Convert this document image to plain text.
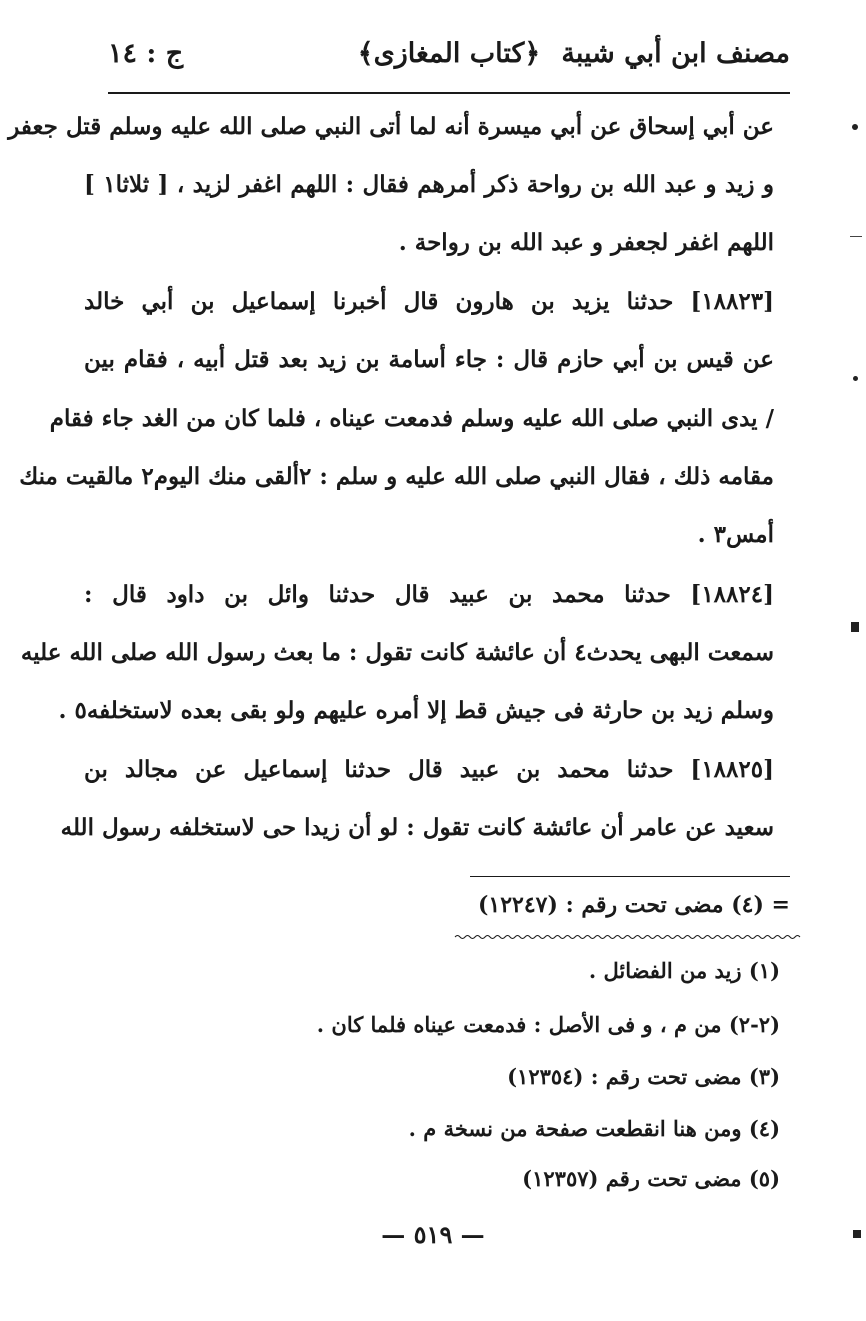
مصنف ابن أبي شيبة
﴿كتاب المغازى﴾
ج : ١٤
عن أبي إسحاق عن أبي ميسرة أنه لما أتى النبي صلى الله عليه وسلم قتل جعفر
و زيد و عبد الله بن رواحة ذكر أمرهم فقال : اللهم اغفر لزيد ، [ ثلاثا١ ]
اللهم اغفر لجعفر و عبد الله بن رواحة .
[١٨٨٢٣] حدثنا يزيد بن هارون قال أخبرنا إسماعيل بن أبي خالد
عن قيس بن أبي حازم قال : جاء أسامة بن زيد بعد قتل أبيه ، فقام بين
/ يدى النبي صلى الله عليه وسلم فدمعت عيناه ، فلما كان من الغد جاء فقام
مقامه ذلك ، فقال النبي صلى الله عليه و سلم : ٢ألقى منك اليوم٢ مالقيت منك
أمس٣ .
[١٨٨٢٤] حدثنا محمد بن عبيد قال حدثنا وائل بن داود قال :
سمعت البهى يحدث٤ أن عائشة كانت تقول : ما بعث رسول الله صلى الله عليه
وسلم زيد بن حارثة فى جيش قط إلا أمره عليهم ولو بقى بعده لاستخلفه٥ .
[١٨٨٢٥] حدثنا محمد بن عبيد قال حدثنا إسماعيل عن مجالد بن
سعيد عن عامر أن عائشة كانت تقول : لو أن زيدا حى لاستخلفه رسول الله
= (٤) مضى تحت رقم : (١٢٢٤٧)
(١) زيد من الفضائل .
(٢-٢) من م ، و فى الأصل : فدمعت عيناه فلما كان .
(٣) مضى تحت رقم : (١٢٣٥٤)
(٤) ومن هنا انقطعت صفحة من نسخة م .
(٥) مضى تحت رقم (١٢٣٥٧)
— ٥١٩ —
